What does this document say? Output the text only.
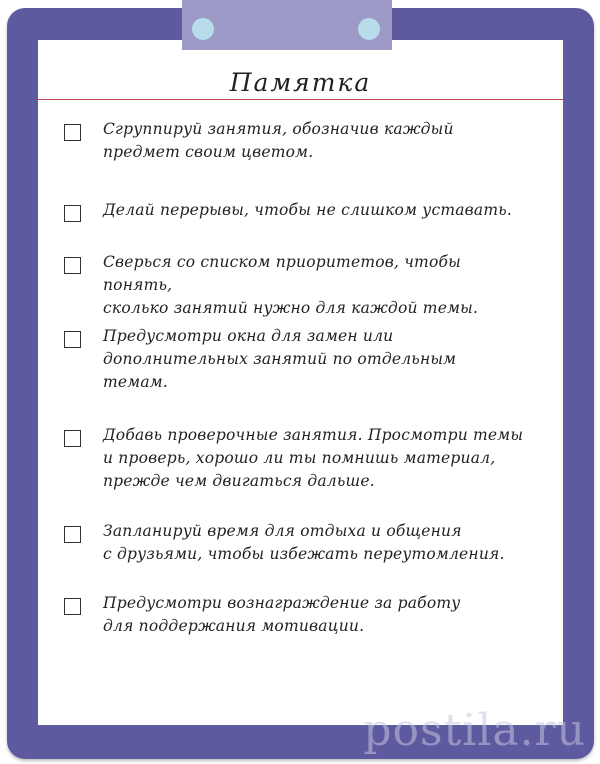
Памятка
Сгруппируй занятия, обозначив каждый
предмет своим цветом.
Делай перерывы, чтобы не слишком уставать.
Сверься со списком приоритетов, чтобы понять,
сколько занятий нужно для каждой темы.
Предусмотри окна для замен или
дополнительных занятий по отдельным
темам.
Добавь проверочные занятия. Просмотри темы
и проверь, хорошо ли ты помнишь материал,
прежде чем двигаться дальше.
Запланируй время для отдыха и общения
с друзьями, чтобы избежать переутомления.
Предусмотри вознаграждение за работу
для поддержания мотивации.
postila.ru
